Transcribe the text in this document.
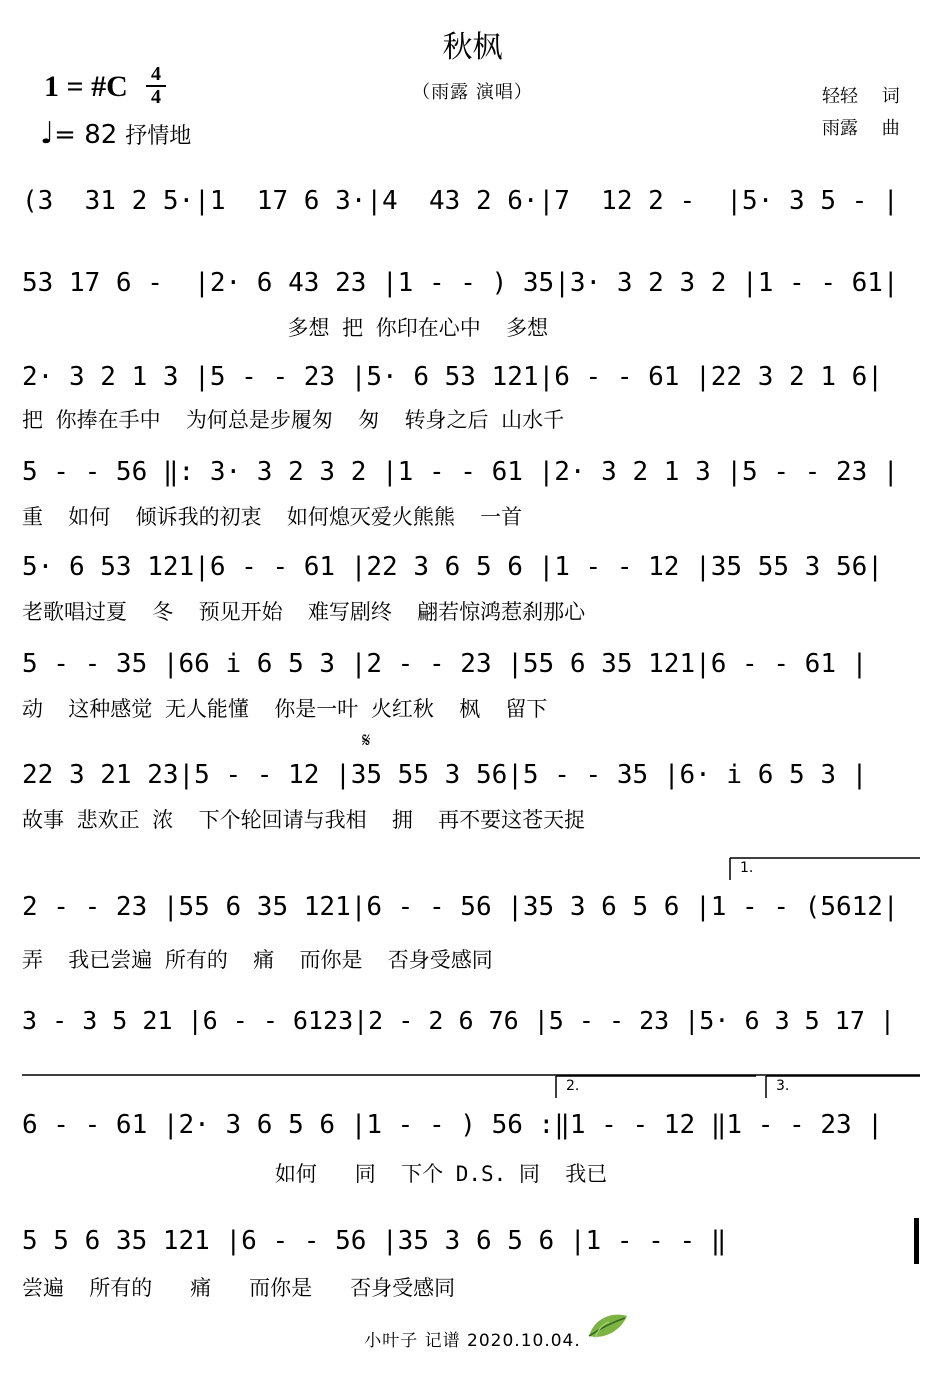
秋枫
（雨露 演唱）
1 = #C 4
4
♩= 82 抒情地
轻轻 词
雨露 曲
(3  31 2 5·|1  17 6 3·|4  43 2 6·|7  12 2 -  |5· 3 5 - |
53 17 6 -  |2· 6 43 23 |1 - - ) 35|3· 3 2 3 2 |1 - - 61|
多想 把 你印在心中  多想
2· 3 2 1 3 |5 - - 23 |5· 6 53 121|6 - - 61 |22 3 2 1 6|
把 你捧在手中  为何总是步履匆  匆  转身之后 山水千
5 - - 56 ‖: 3· 3 2 3 2 |1 - - 61 |2· 3 2 1 3 |5 - - 23 |
重  如何  倾诉我的初衷  如何熄灭爱火熊熊  一首
5· 6 53 121|6 - - 61 |22 3 6 5 6 |1 - - 12 |35 55 3 56|
老歌唱过夏  冬  预见开始  难写剧终  翩若惊鸿惹刹那心
5 - - 35 |66 i 6 5 3 |2 - - 23 |55 6 35 121|6 - - 61 |
动  这种感觉 无人能懂  你是一叶 火红秋  枫  留下
22 3 21 23|5 - - 12 |35 55 3 56|5 - - 35 |6· i 6 5 3 |
故事 悲欢正 浓  下个轮回请与我相  拥  再不要这苍天捉
2 - - 23 |55 6 35 121|6 - - 56 |35 3 6 5 6 |1 - - (5612|
弄  我已尝遍 所有的  痛  而你是  否身受感同
3 - 3 5 21 |6 - - 6123|2 - 2 6 76 |5 - - 23 |5· 6 3 5 17 |
6 - - 61 |2· 3 6 5 6 |1 - - ) 56 :‖1 - - 12 ‖1 - - 23 |
如何   同  下个 D.S. 同  我已
5 5 6 35 121 |6 - - 56 |35 3 6 5 6 |1 - - - ‖
尝遍  所有的   痛   而你是   否身受感同
1.
2.	3.
𝄋
小叶子 记谱 2020.10.04.
